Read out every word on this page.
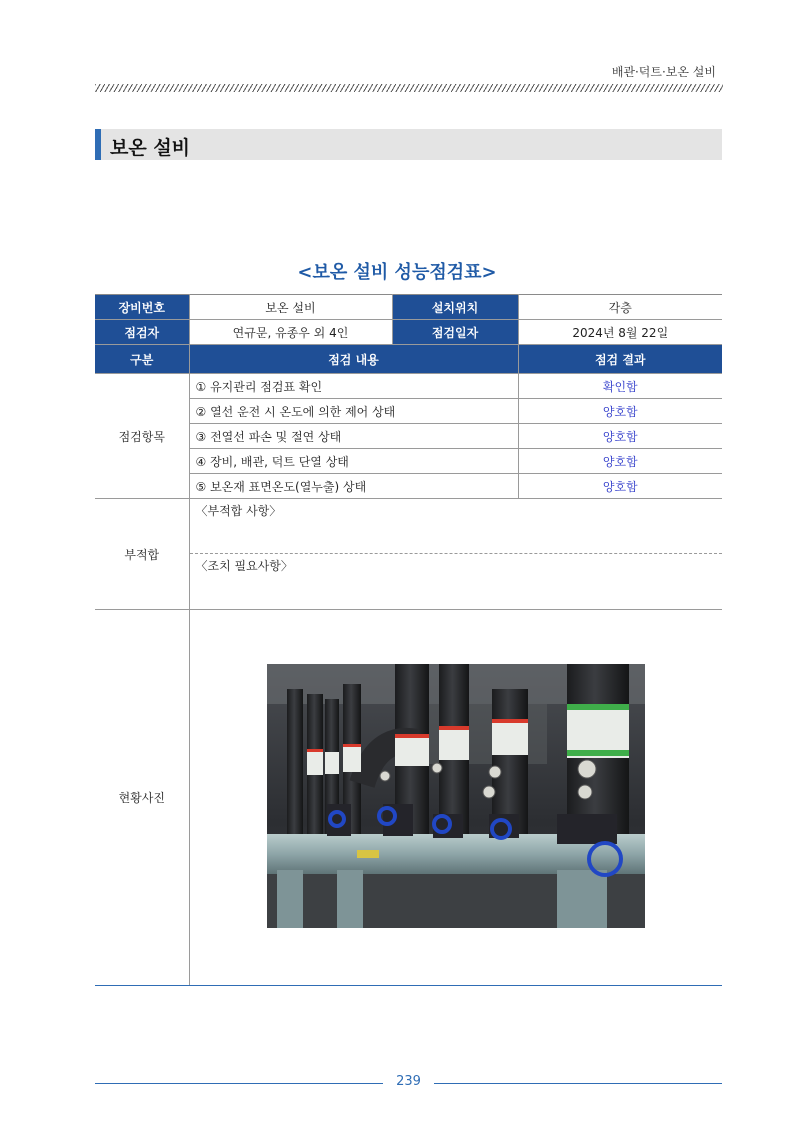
배관·덕트·보온 설비
보온 설비
<보온 설비 성능점검표>
장비번호	보온 설비	설치위치	각층
점검자	연규문, 유종우 외 4인	점검일자	2024년 8월 22일
구분	점검 내용		점검 결과
점검항목	① 유지관리 점검표 확인		확인함
	② 열선 운전 시 온도에 의한 제어 상태		양호함
	③ 전열선 파손 및 절연 상태		양호함
	④ 장비, 배관, 덕트 단열 상태		양호함
	⑤ 보온재 표면온도(열누출) 상태		양호함
부적합	〈부적합 사항〉
〈조치 필요사항〉		

현황사진	
239
